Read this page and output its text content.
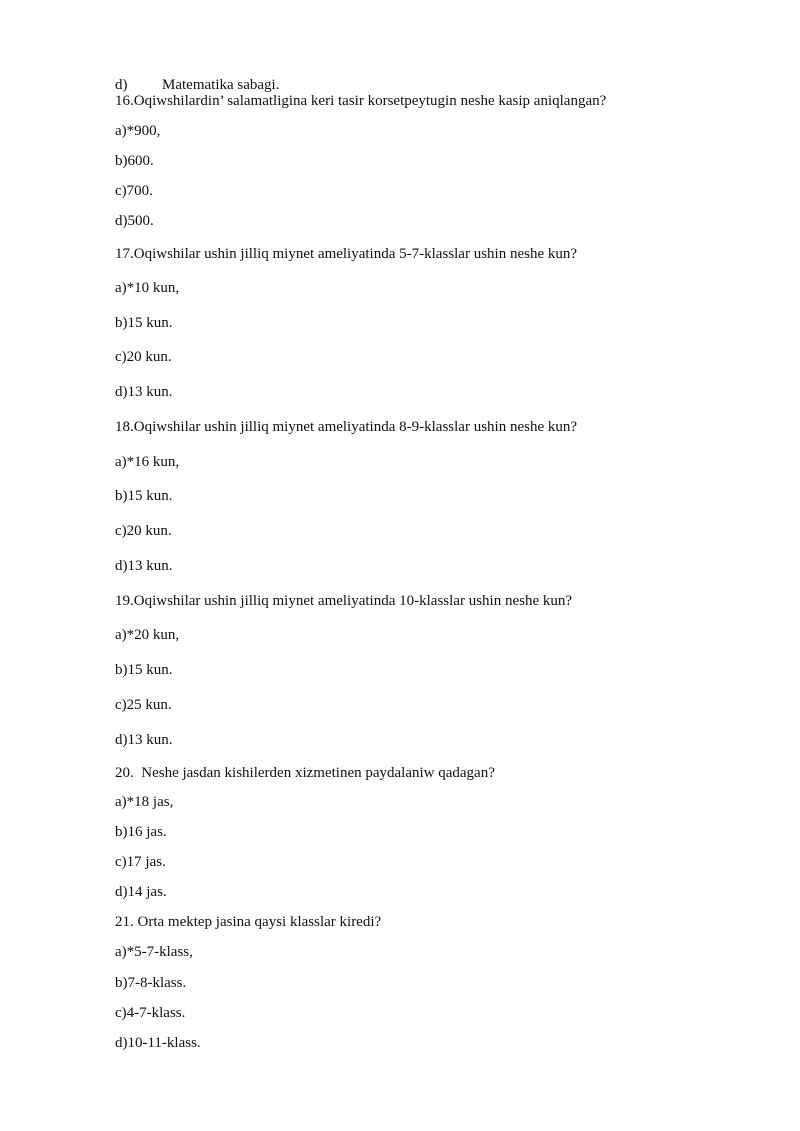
d) Matematika sabagi.
16.Oqiwshilardin’ salamatligina keri tasir korsetpeytugin neshe kasip aniqlangan?
a)*900,
b)600.
c)700.
d)500.
17.Oqiwshilar ushin jilliq miynet ameliyatinda 5-7-klasslar ushin neshe kun?
a)*10 kun,
b)15 kun.
c)20 kun.
d)13 kun.
18.Oqiwshilar ushin jilliq miynet ameliyatinda 8-9-klasslar ushin neshe kun?
a)*16 kun,
b)15 kun.
c)20 kun.
d)13 kun.
19.Oqiwshilar ushin jilliq miynet ameliyatinda 10-klasslar ushin neshe kun?
a)*20 kun,
b)15 kun.
c)25 kun.
d)13 kun.
20.  Neshe jasdan kishilerden xizmetinen paydalaniw qadagan?
a)*18 jas,
b)16 jas.
c)17 jas.
d)14 jas.
21. Orta mektep jasina qaysi klasslar kiredi?
a)*5-7-klass,
b)7-8-klass.
c)4-7-klass.
d)10-11-klass.
